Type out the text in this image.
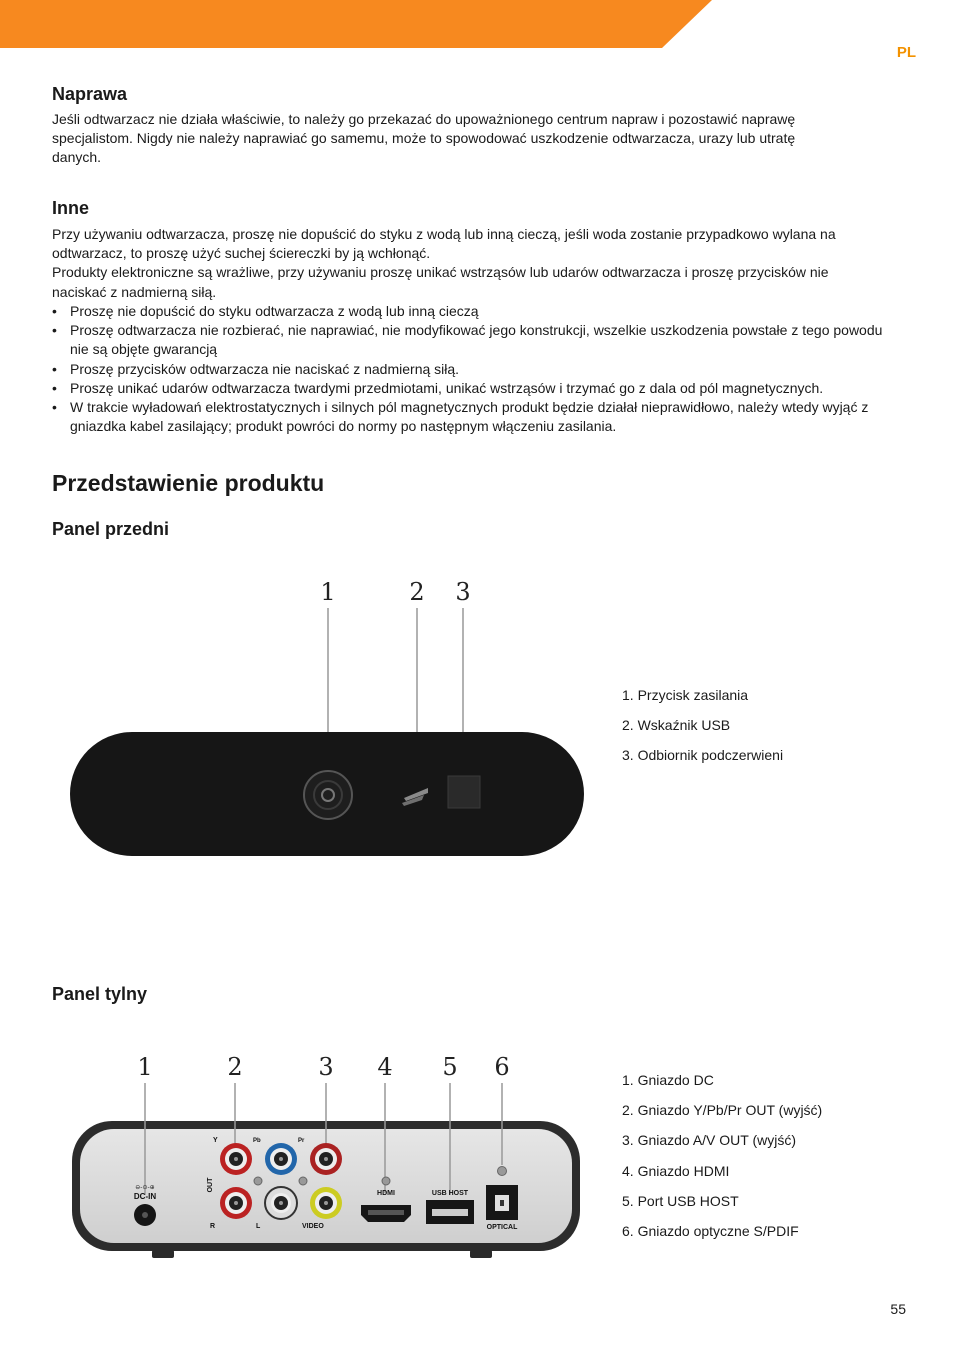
PL
Naprawa
Jeśli odtwarzacz nie działa właściwie, to należy go przekazać do upoważnionego centrum napraw i pozostawić naprawę
specjalistom. Nigdy nie należy naprawiać go samemu, może to spowodować uszkodzenie odtwarzacza, urazy lub utratę
danych.
Inne
Przy używaniu odtwarzacza, proszę nie dopuścić do styku z wodą lub inną cieczą, jeśli woda zostanie przypadkowo wylana na
odtwarzacz, to proszę użyć suchej ściereczki by ją wchłonąć.
Produkty elektroniczne są wrażliwe, przy używaniu proszę unikać wstrząsów lub udarów odtwarzacza i proszę przycisków nie
naciskać z nadmierną siłą.
• Proszę nie dopuścić do styku odtwarzacza z wodą lub inną cieczą
• Proszę odtwarzacza nie rozbierać, nie naprawiać, nie modyfikować jego konstrukcji, wszelkie uszkodzenia powstałe z tego powodu nie są objęte gwarancją
• Proszę przycisków odtwarzacza nie naciskać z nadmierną siłą.
• Proszę unikać udarów odtwarzacza twardymi przedmiotami, unikać wstrząsów i trzymać go z dala od pól magnetycznych.
• W trakcie wyładowań elektrostatycznych i silnych pól magnetycznych produkt będzie działał nieprawidłowo, należy wtedy wyjąć z gniazdka kabel zasilający; produkt powróci do normy po następnym włączeniu zasilania.
Przedstawienie produktu
Panel przedni
1	2 3
1. Przycisk zasilania
2. Wskaźnik USB
3. Odbiornik podczerwieni
Panel tylny
1	2	3 4 5 6
⊖-⊙-⊕
DC-IN
Y	Pb	Pr
OUT
R	L	VIDEO
HDMI	USB HOST
OPTICAL
1. Gniazdo DC
2. Gniazdo Y/Pb/Pr OUT (wyjść)
3. Gniazdo A/V OUT (wyjść)
4. Gniazdo HDMI
5. Port USB HOST
6. Gniazdo optyczne S/PDIF
55
